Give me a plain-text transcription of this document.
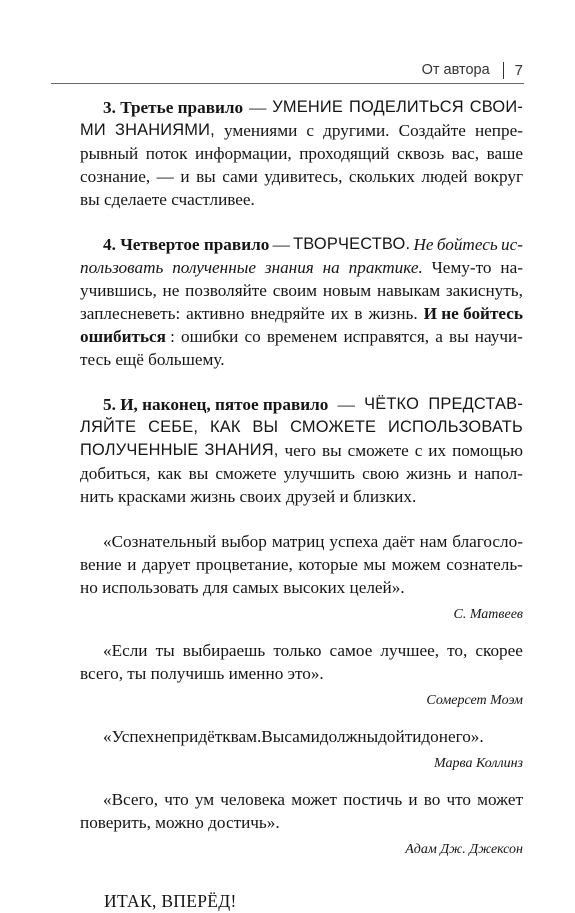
От автора 7
3. Третье правило — УМЕНИЕ ПОДЕЛИТЬСЯ СВОИ-
МИ ЗНАНИЯМИ, умениями с другими. Создайте непре-
рывный поток информации, проходящий сквозь вас, ваше
сознание, — и вы сами удивитесь, скольких людей вокруг
вы сделаете счастливее.
4. Четвертое правило — ТВОРЧЕСТВО. Не бойтесь ис-
пользовать полученные знания на практике. Чему-то на-
учившись, не позволяйте своим новым навыкам закиснуть,
заплесневеть: активно внедряйте их в жизнь. И не бойтесь
ошибиться : ошибки со временем исправятся, а вы научи-
тесь ещё большему.
5. И, наконец, пятое правило — ЧЁТКО ПРЕДСТАВ-
ЛЯЙТЕ СЕБЕ, КАК ВЫ СМОЖЕТЕ ИСПОЛЬЗОВАТЬ
ПОЛУЧЕННЫЕ ЗНАНИЯ, чего вы сможете с их помощью
добиться, как вы сможете улучшить свою жизнь и напол-
нить красками жизнь своих друзей и близких.
«Сознательный выбор матриц успеха даёт нам благосло-
вение и дарует процветание, которые мы можем сознатель-
но использовать для самых высоких целей».
С. Матвеев
«Если ты выбираешь только самое лучшее, то, скорее
всего, ты получишь именно это».
Сомерсет Моэм
«Успех не придёт к вам. Вы сами должны дойти до него».
Марва Коллинз
«Всего, что ум человека может постичь и во что может
поверить, можно достичь».
Адам Дж. Джексон
ИТАК, ВПЕРЁД!
